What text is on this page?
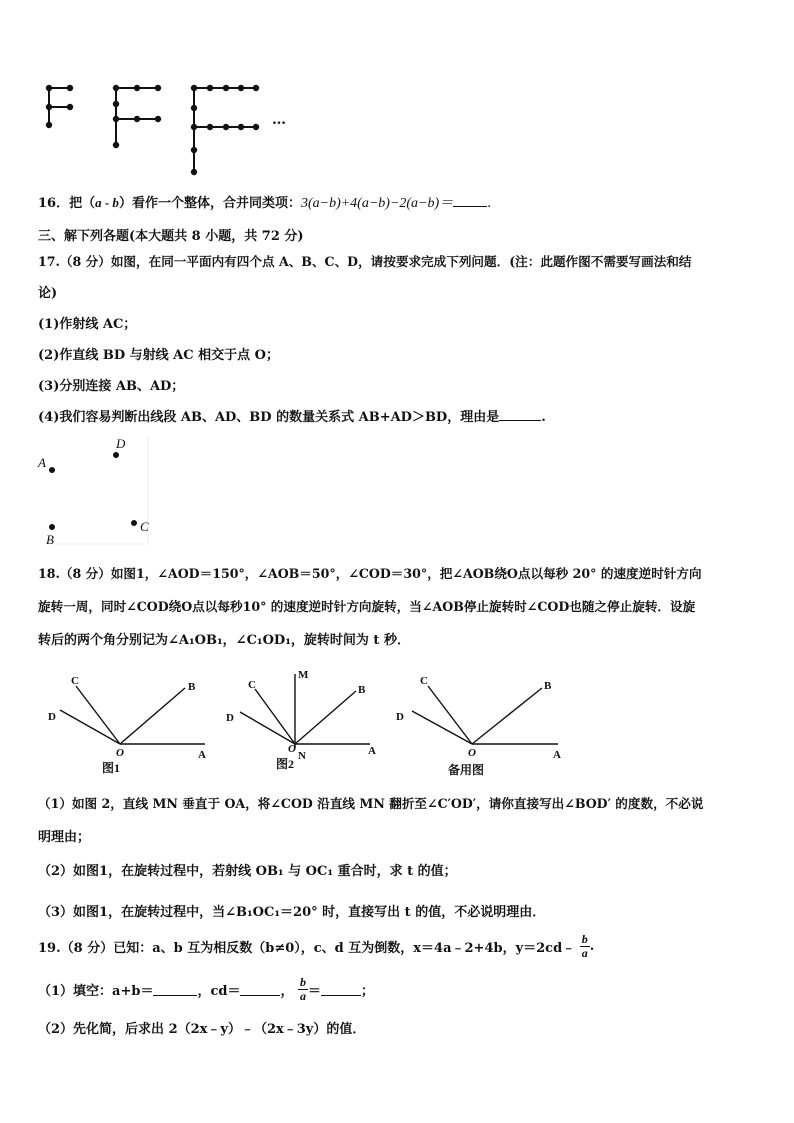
…
16．把（a - b）看作一个整体，合并同类项：3(a−b)+4(a−b)−2(a−b)＝	.
三、解下列各题(本大题共 8 小题，共 72 分)
17.（8 分）如图，在同一平面内有四个点 A、B、C、D，请按要求完成下列问题．(注：此题作图不需要写画法和结
论)
(1)作射线 AC；
(2)作直线 BD 与射线 AC 相交于点 O；
(3)分别连接 AB、AD；
(4)我们容易判断出线段 AB、AD、BD 的数量关系式 AB+AD＞BD，理由是	.
A
D
B
C
18.（8 分）如图1，∠AOD＝150°，∠AOB＝50°，∠COD＝30°，把∠AOB绕O点以每秒 20° 的速度逆时针方向
旋转一周，同时∠COD绕O点以每秒10° 的速度逆时针方向旋转，当∠AOB停止旋转时∠COD也随之停止旋转．设旋
转后的两个角分别记为∠A₁OB₁，∠C₁OD₁，旋转时间为 t 秒．
C	B
D
O	A
C
M
B
D
O
N	A
C	B
D
O	A
图1	图2	备用图
（1）如图 2，直线 MN 垂直于 OA，将∠COD 沿直线 MN 翻折至∠C′OD′，请你直接写出∠BOD′ 的度数，不必说
明理由；
（2）如图1，在旋转过程中，若射线 OB₁ 与 OC₁ 重合时，求 t 的值；
（3）如图1，在旋转过程中，当∠B₁OC₁＝20° 时，直接写出 t 的值，不必说明理由．
19.（8 分）已知：a、b 互为相反数（b≠0），c、d 互为倒数，x＝4a﹣2+4b，y＝2cd﹣ $\frac{b}{a}$ .
（1）填空：a+b＝	，cd＝	， $\frac{b}{a}$ ＝	；
（2）先化简，后求出 2（2x﹣y）﹣（2x﹣3y）的值．
